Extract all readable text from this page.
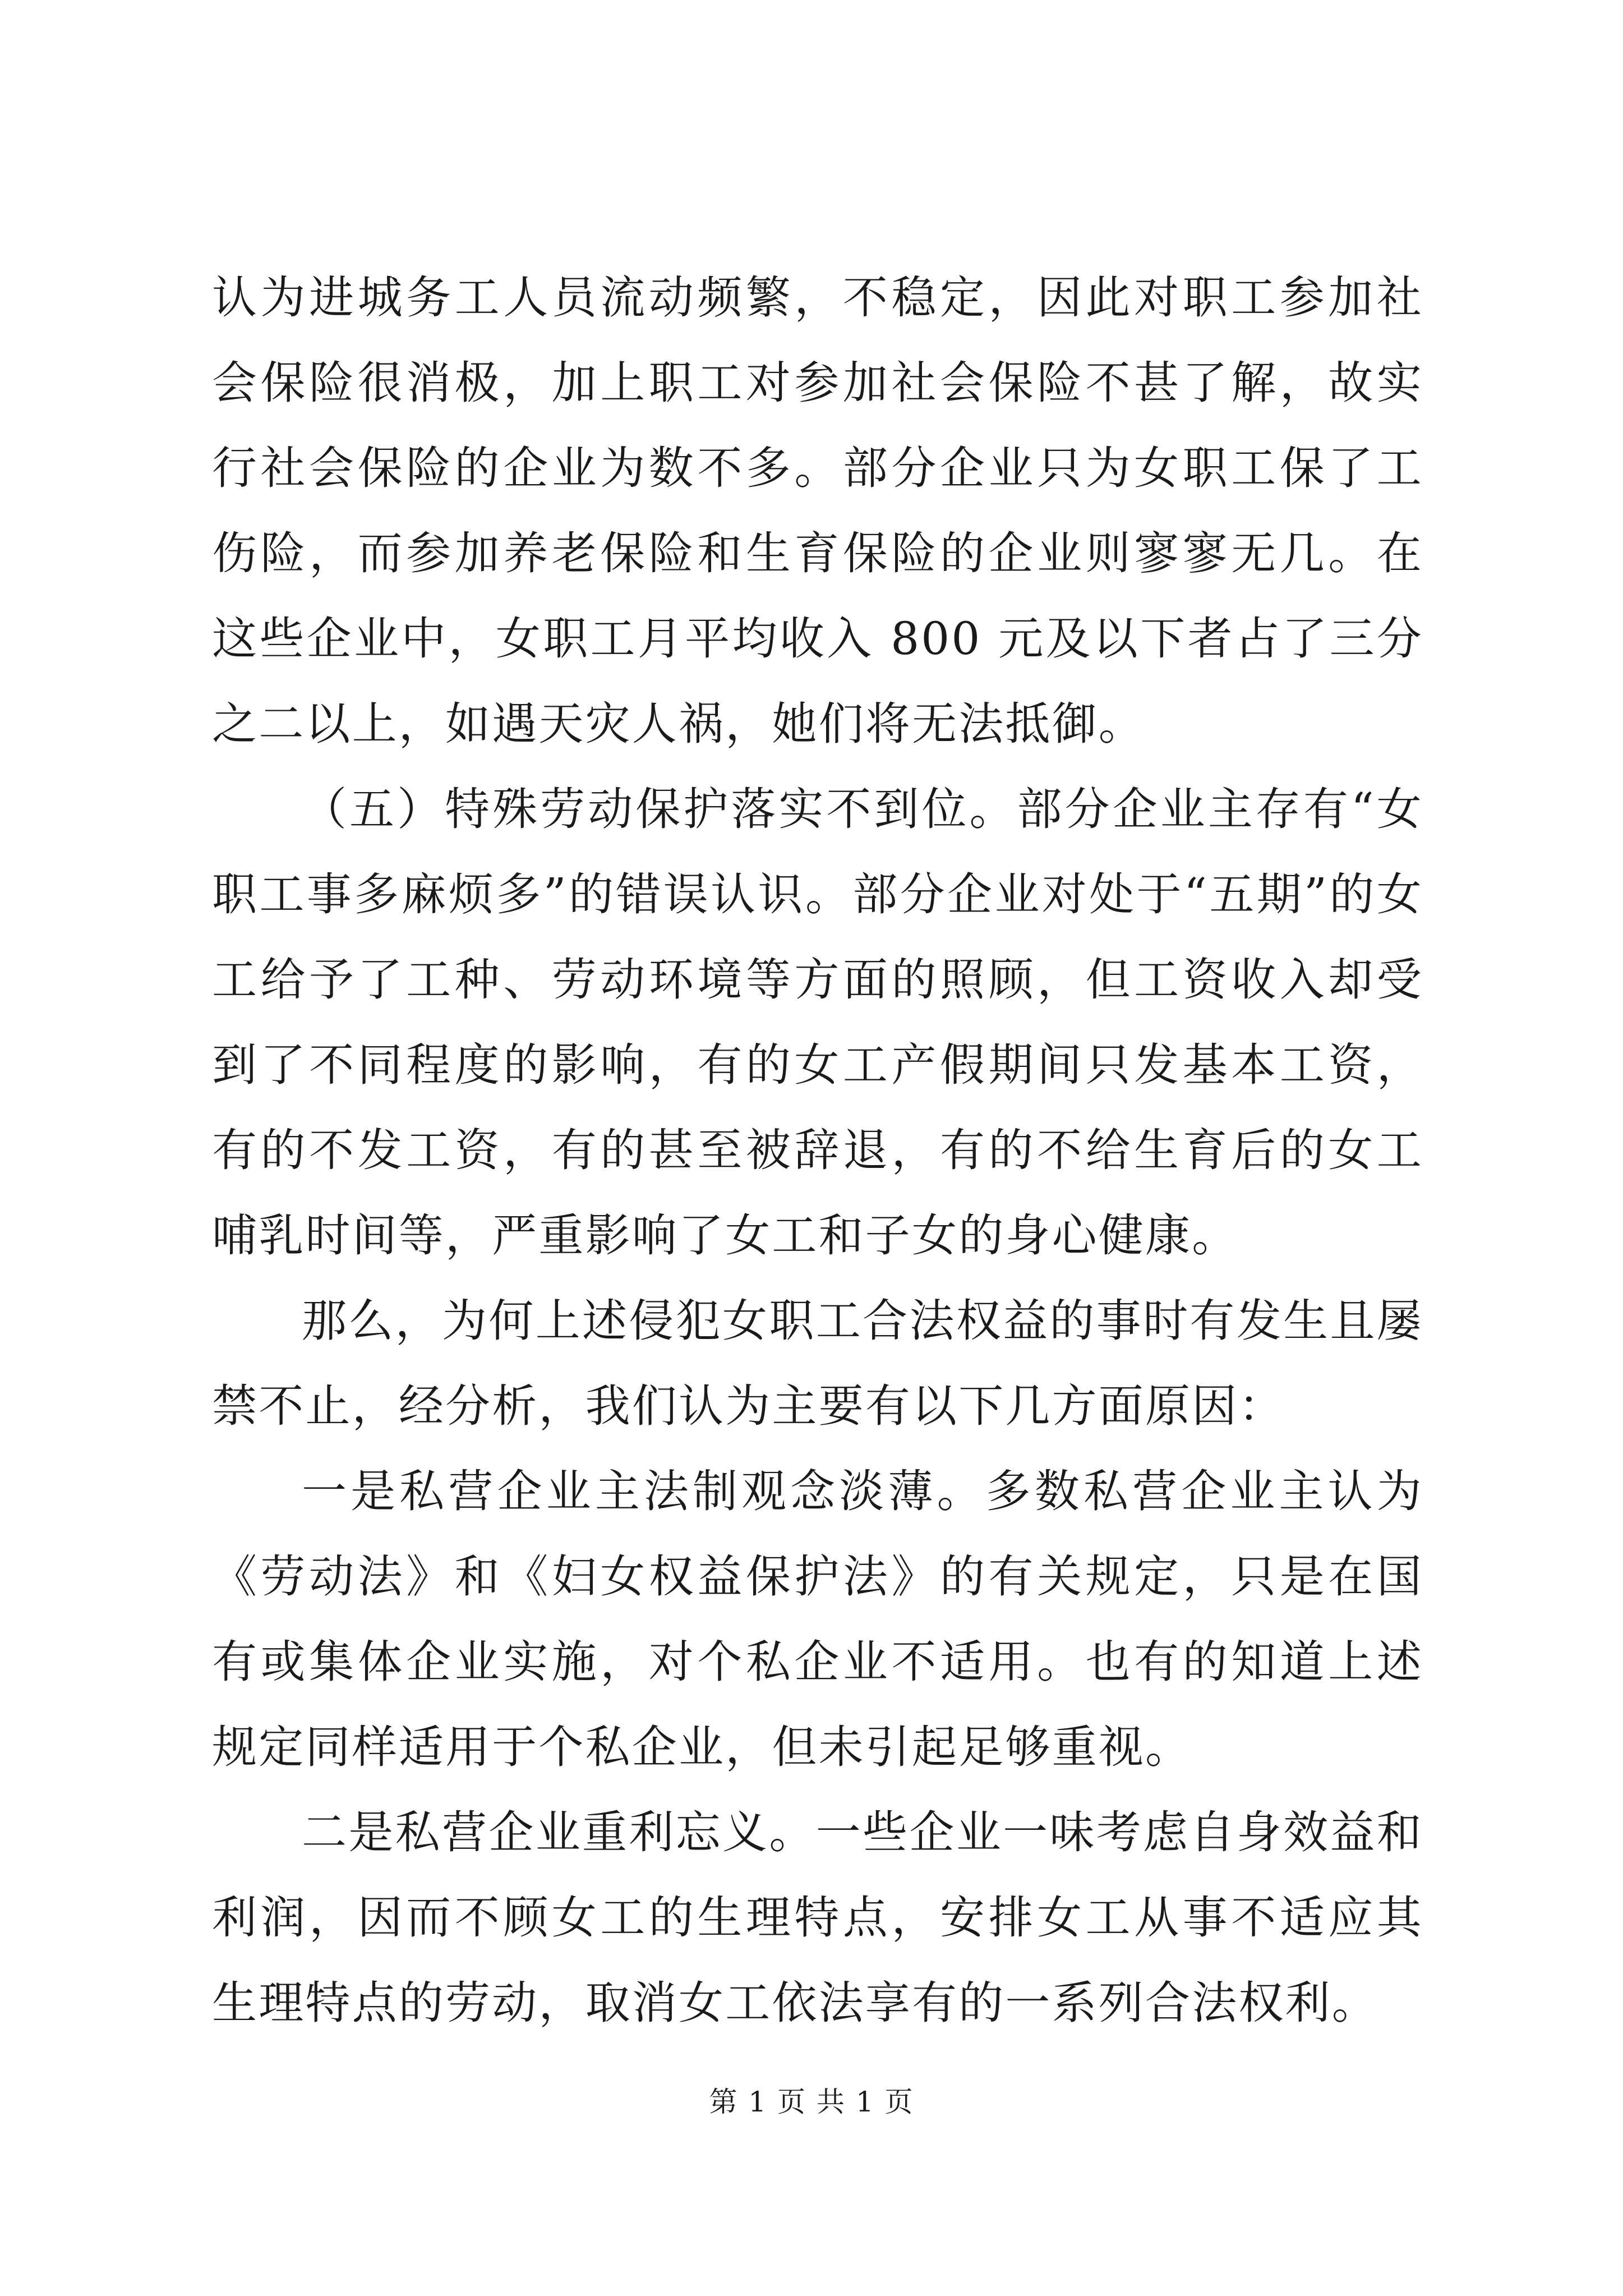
认为进城务工人员流动频繁，不稳定，因此对职工参加社会保险很消极，加上职工对参加社会保险不甚了解，故实行社会保险的企业为数不多。部分企业只为女职工保了工伤险，而参加养老保险和生育保险的企业则寥寥无几。在这些企业中，女职工月平均收入 800 元及以下者占了三分之二以上，如遇天灾人祸，她们将无法抵御。

（五）特殊劳动保护落实不到位。部分企业主存有“女职工事多麻烦多”的错误认识。部分企业对处于“五期”的女工给予了工种、劳动环境等方面的照顾，但工资收入却受到了不同程度的影响，有的女工产假期间只发基本工资，有的不发工资，有的甚至被辞退，有的不给生育后的女工哺乳时间等，严重影响了女工和子女的身心健康。

那么，为何上述侵犯女职工合法权益的事时有发生且屡禁不止，经分析，我们认为主要有以下几方面原因：

一是私营企业主法制观念淡薄。多数私营企业主认为《劳动法》和《妇女权益保护法》的有关规定，只是在国有或集体企业实施，对个私企业不适用。也有的知道上述规定同样适用于个私企业，但未引起足够重视。

二是私营企业重利忘义。一些企业一味考虑自身效益和利润，因而不顾女工的生理特点，安排女工从事不适应其生理特点的劳动，取消女工依法享有的一系列合法权利。

第 1 页 共 1 页
